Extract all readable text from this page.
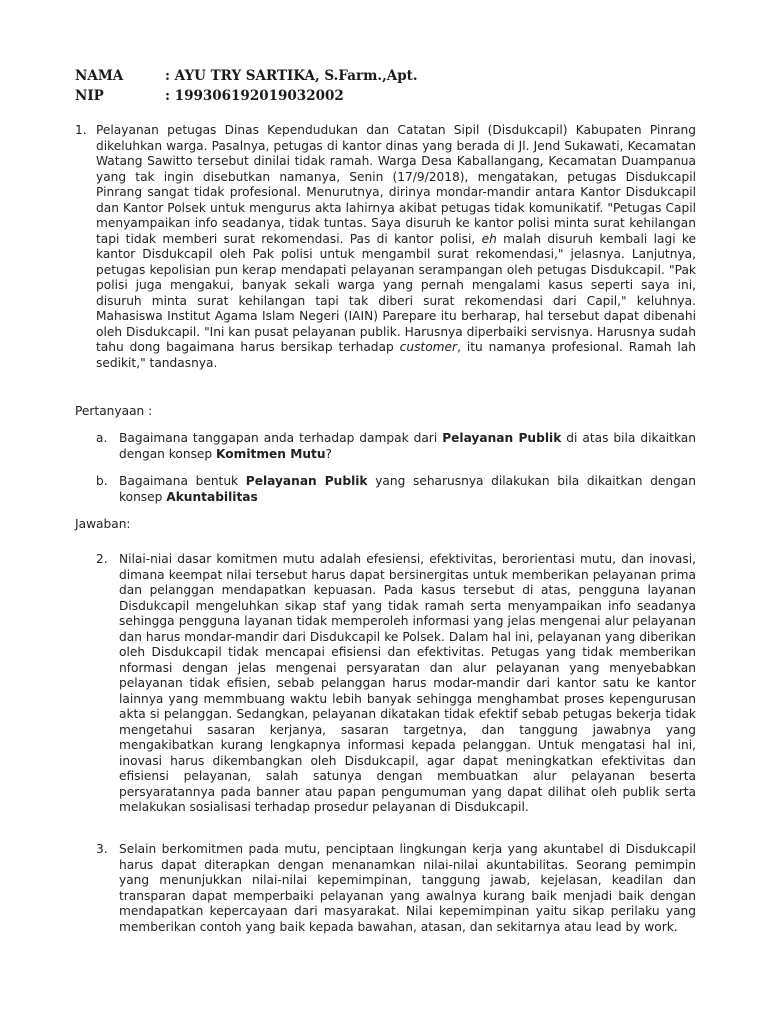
NAMA	: AYU TRY SARTIKA, S.Farm.,Apt.
NIP	: 199306192019032002
1. Pelayanan petugas Dinas Kependudukan dan Catatan Sipil (Disdukcapil) Kabupaten Pinrang dikeluhkan warga. Pasalnya, petugas di kantor dinas yang berada di Jl. Jend Sukawati, Kecamatan Watang Sawitto tersebut dinilai tidak ramah. Warga Desa Kaballangang, Kecamatan Duampanua yang tak ingin disebutkan namanya, Senin (17/9/2018), mengatakan, petugas Disdukcapil Pinrang sangat tidak profesional. Menurutnya, dirinya mondar-mandir antara Kantor Disdukcapil dan Kantor Polsek untuk mengurus akta lahirnya akibat petugas tidak komunikatif. "Petugas Capil menyampaikan info seadanya, tidak tuntas. Saya disuruh ke kantor polisi minta surat kehilangan tapi tidak memberi surat rekomendasi. Pas di kantor polisi, eh malah disuruh kembali lagi ke kantor Disdukcapil oleh Pak polisi untuk mengambil surat rekomendasi," jelasnya. Lanjutnya, petugas kepolisian pun kerap mendapati pelayanan serampangan oleh petugas Disdukcapil. "Pak polisi juga mengakui, banyak sekali warga yang pernah mengalami kasus seperti saya ini, disuruh minta surat kehilangan tapi tak diberi surat rekomendasi dari Capil," keluhnya. Mahasiswa Institut Agama Islam Negeri (IAIN) Parepare itu berharap, hal tersebut dapat dibenahi oleh Disdukcapil. "Ini kan pusat pelayanan publik. Harusnya diperbaiki servisnya. Harusnya sudah tahu dong bagaimana harus bersikap terhadap customer, itu namanya profesional. Ramah lah sedikit," tandasnya.

Pertanyaan :

a. Bagaimana tanggapan anda terhadap dampak dari Pelayanan Publik di atas bila dikaitkan dengan konsep Komitmen Mutu?

b. Bagaimana bentuk Pelayanan Publik yang seharusnya dilakukan bila dikaitkan dengan konsep Akuntabilitas

Jawaban:

2. Nilai-niai dasar komitmen mutu adalah efesiensi, efektivitas, berorientasi mutu, dan inovasi, dimana keempat nilai tersebut harus dapat bersinergitas untuk memberikan pelayanan prima dan pelanggan mendapatkan kepuasan. Pada kasus tersebut di atas, pengguna layanan Disdukcapil mengeluhkan sikap staf yang tidak ramah serta menyampaikan info seadanya sehingga pengguna layanan tidak memperoleh informasi yang jelas mengenai alur pelayanan dan harus mondar-mandir dari Disdukcapil ke Polsek. Dalam hal ini, pelayanan yang diberikan oleh Disdukcapil tidak mencapai efisiensi dan efektivitas. Petugas yang tidak memberikan nformasi dengan jelas mengenai persyaratan dan alur pelayanan yang menyebabkan pelayanan tidak efisien, sebab pelanggan harus modar-mandir dari kantor satu ke kantor lainnya yang memmbuang waktu lebih banyak sehingga menghambat proses kepengurusan akta si pelanggan. Sedangkan, pelayanan dikatakan tidak efektif sebab petugas bekerja tidak mengetahui sasaran kerjanya, sasaran targetnya, dan tanggung jawabnya yang mengakibatkan kurang lengkapnya informasi kepada pelanggan. Untuk mengatasi hal ini, inovasi harus dikembangkan oleh Disdukcapil, agar dapat meningkatkan efektivitas dan efisiensi pelayanan, salah satunya dengan membuatkan alur pelayanan beserta persyaratannya pada banner atau papan pengumuman yang dapat dilihat oleh publik serta melakukan sosialisasi terhadap prosedur pelayanan di Disdukcapil.

3. Selain berkomitmen pada mutu, penciptaan lingkungan kerja yang akuntabel di Disdukcapil harus dapat diterapkan dengan menanamkan nilai-nilai akuntabilitas. Seorang pemimpin yang menunjukkan nilai-nilai kepemimpinan, tanggung jawab, kejelasan, keadilan dan transparan dapat memperbaiki pelayanan yang awalnya kurang baik menjadi baik dengan mendapatkan kepercayaan dari masyarakat. Nilai kepemimpinan yaitu sikap perilaku yang memberikan contoh yang baik kepada bawahan, atasan, dan sekitarnya atau lead by work.
